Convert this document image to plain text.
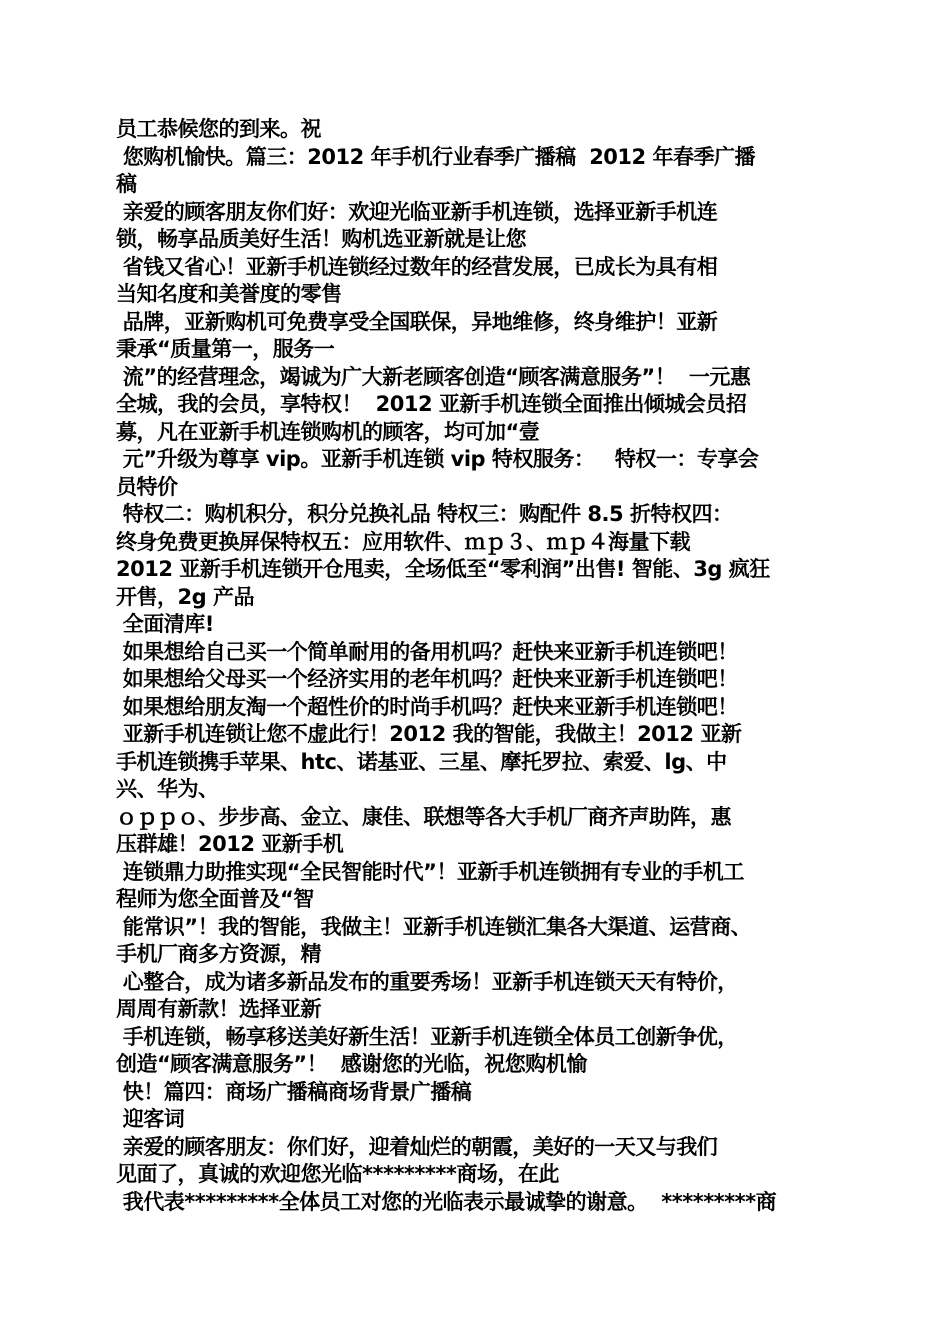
员工恭候您的到来。祝
您购机愉快。篇三：2012 年手机行业春季广播稿  2012 年春季广播
稿
亲爱的顾客朋友你们好：欢迎光临亚新手机连锁，选择亚新手机连
锁，畅享品质美好生活！购机选亚新就是让您
省钱又省心！亚新手机连锁经过数年的经营发展，已成长为具有相
当知名度和美誉度的零售
品牌，亚新购机可免费享受全国联保，异地维修，终身维护！亚新
秉承“质量第一，服务一
流”的经营理念，竭诚为广大新老顾客创造“顾客满意服务”！  一元惠
全城，我的会员，享特权！  2012 亚新手机连锁全面推出倾城会员招
募，凡在亚新手机连锁购机的顾客，均可加“壹
元”升级为尊享 vip。亚新手机连锁 vip 特权服务：   特权一：专享会
员特价
特权二：购机积分，积分兑换礼品 特权三：购配件 8.5 折特权四：
终身免费更换屏保特权五：应用软件、ｍｐ３、ｍｐ４海量下载
2012 亚新手机连锁开仓甩卖，全场低至“零利润”出售! 智能、3g 疯狂
开售，2g 产品
全面清库!
如果想给自己买一个简单耐用的备用机吗？赶快来亚新手机连锁吧！
如果想给父母买一个经济实用的老年机吗？赶快来亚新手机连锁吧！
如果想给朋友淘一个超性价的时尚手机吗？赶快来亚新手机连锁吧！
亚新手机连锁让您不虚此行！2012 我的智能，我做主！2012 亚新
手机连锁携手苹果、htc、诺基亚、三星、摩托罗拉、索爱、lg、中
兴、华为、
ｏｐｐｏ、步步高、金立、康佳、联想等各大手机厂商齐声助阵，惠
压群雄！2012 亚新手机
连锁鼎力助推实现“全民智能时代”！亚新手机连锁拥有专业的手机工
程师为您全面普及“智
能常识”！我的智能，我做主！亚新手机连锁汇集各大渠道、运营商、
手机厂商多方资源，精
心整合，成为诸多新品发布的重要秀场！亚新手机连锁天天有特价，
周周有新款！选择亚新
手机连锁，畅享移送美好新生活！亚新手机连锁全体员工创新争优，
创造“顾客满意服务”！  感谢您的光临，祝您购机愉
快！篇四：商场广播稿商场背景广播稿
迎客词
亲爱的顾客朋友：你们好，迎着灿烂的朝霞，美好的一天又与我们
见面了，真诚的欢迎您光临*********商场，在此
我代表*********全体员工对您的光临表示最诚挚的谢意。  *********商
